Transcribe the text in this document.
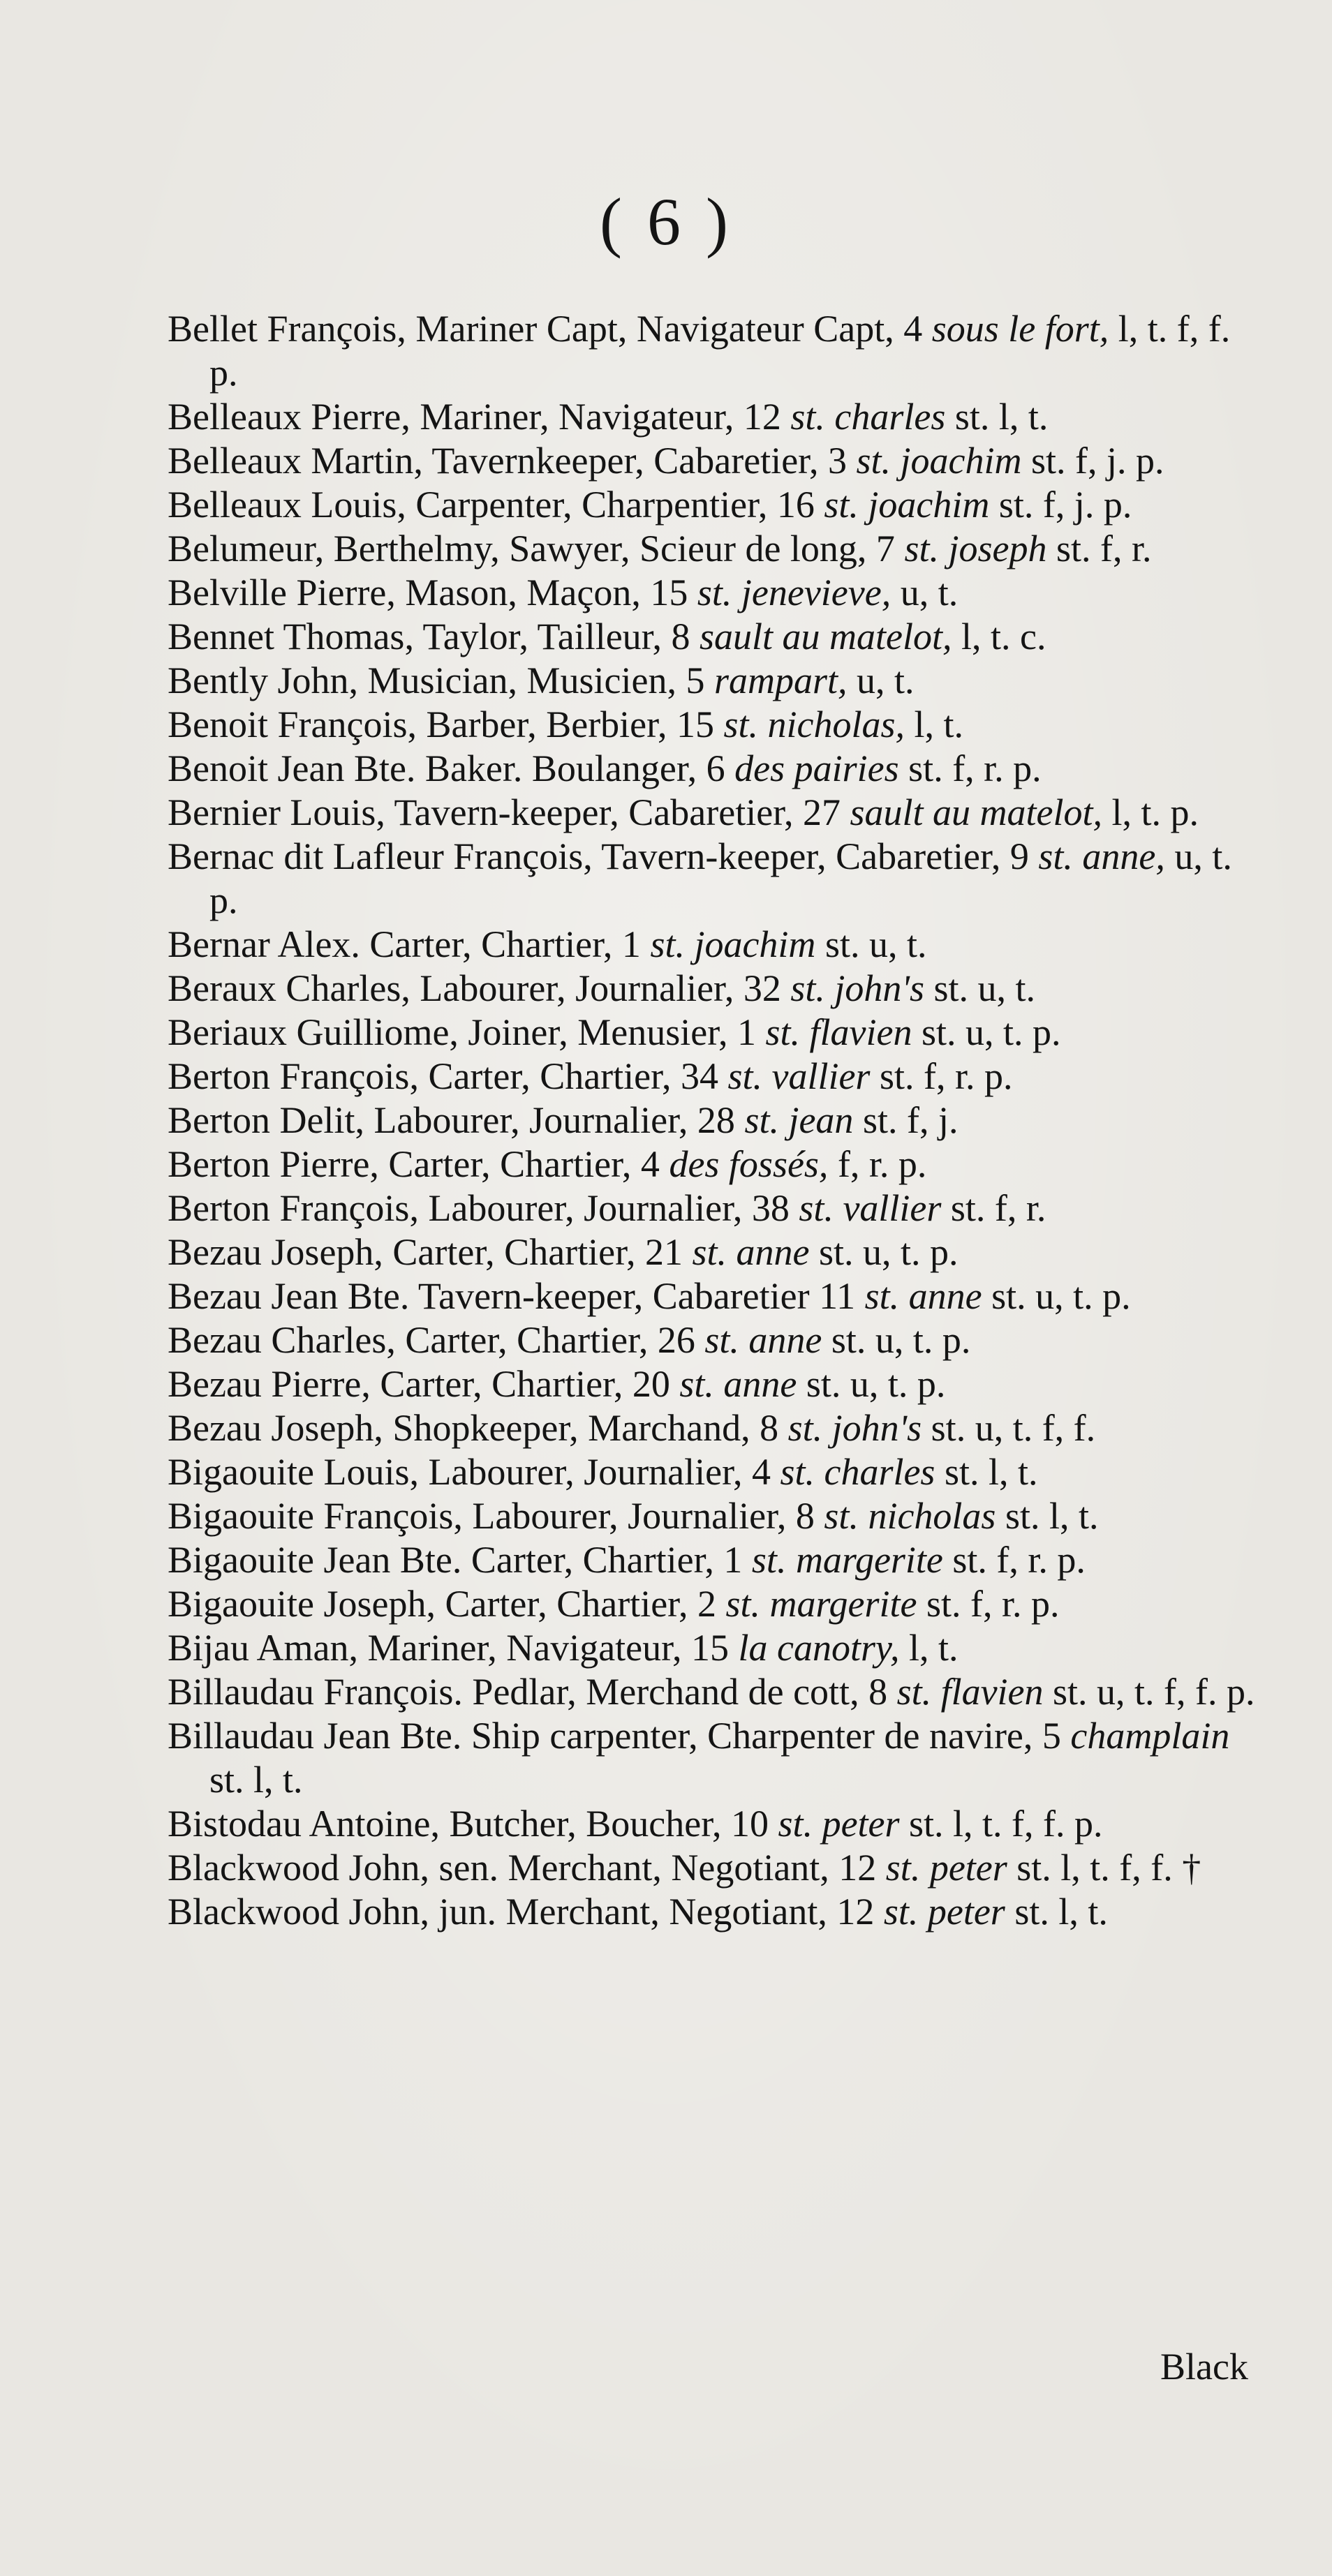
( 6 )

Bellet François, Mariner Capt, Navigateur Capt, 4 sous le fort, l, t. f, f. p.

Belleaux Pierre, Mariner, Navigateur, 12 st. charles st. l, t.

Belleaux Martin, Tavernkeeper, Cabaretier, 3 st. joachim st. f, j. p.

Belleaux Louis, Carpenter, Charpentier, 16 st. joachim st. f, j. p.

Belumeur, Berthelmy, Sawyer, Scieur de long, 7 st. joseph st. f, r.

Belville Pierre, Mason, Maçon, 15 st. jenevieve, u, t.

Bennet Thomas, Taylor, Tailleur, 8 sault au matelot, l, t. c.

Bently John, Musician, Musicien, 5 rampart, u, t.

Benoit François, Barber, Berbier, 15 st. nicholas, l, t.

Benoit Jean Bte. Baker. Boulanger, 6 des pairies st. f, r. p.

Bernier Louis, Tavern-keeper, Cabaretier, 27 sault au matelot, l, t. p.

Bernac dit Lafleur François, Tavern-keeper, Cabaretier, 9 st. anne, u, t. p.

Bernar Alex. Carter, Chartier, 1 st. joachim st. u, t.

Beraux Charles, Labourer, Journalier, 32 st. john's st. u, t.

Beriaux Guilliome, Joiner, Menusier, 1 st. flavien st. u, t. p.

Berton François, Carter, Chartier, 34 st. vallier st. f, r. p.

Berton Delit, Labourer, Journalier, 28 st. jean st. f, j.

Berton Pierre, Carter, Chartier, 4 des fossés, f, r. p.

Berton François, Labourer, Journalier, 38 st. vallier st. f, r.

Bezau Joseph, Carter, Chartier, 21 st. anne st. u, t. p.

Bezau Jean Bte. Tavern-keeper, Cabaretier 11 st. anne st. u, t. p.

Bezau Charles, Carter, Chartier, 26 st. anne st. u, t. p.

Bezau Pierre, Carter, Chartier, 20 st. anne st. u, t. p.

Bezau Joseph, Shopkeeper, Marchand, 8 st. john's st. u, t. f, f.

Bigaouite Louis, Labourer, Journalier, 4 st. charles st. l, t.

Bigaouite François, Labourer, Journalier, 8 st. nicholas st. l, t.

Bigaouite Jean Bte. Carter, Chartier, 1 st. margerite st. f, r. p.

Bigaouite Joseph, Carter, Chartier, 2 st. margerite st. f, r. p.

Bijau Aman, Mariner, Navigateur, 15 la canotry, l, t.

Billaudau François. Pedlar, Merchand de cott, 8 st. flavien st. u, t. f, f. p.

Billaudau Jean Bte. Ship carpenter, Charpenter de navire, 5 champlain st. l, t.

Bistodau Antoine, Butcher, Boucher, 10 st. peter st. l, t. f, f. p.

Blackwood John, sen. Merchant, Negotiant, 12 st. peter st. l, t. f, f. †

Blackwood John, jun. Merchant, Negotiant, 12 st. peter st. l, t.

Black
